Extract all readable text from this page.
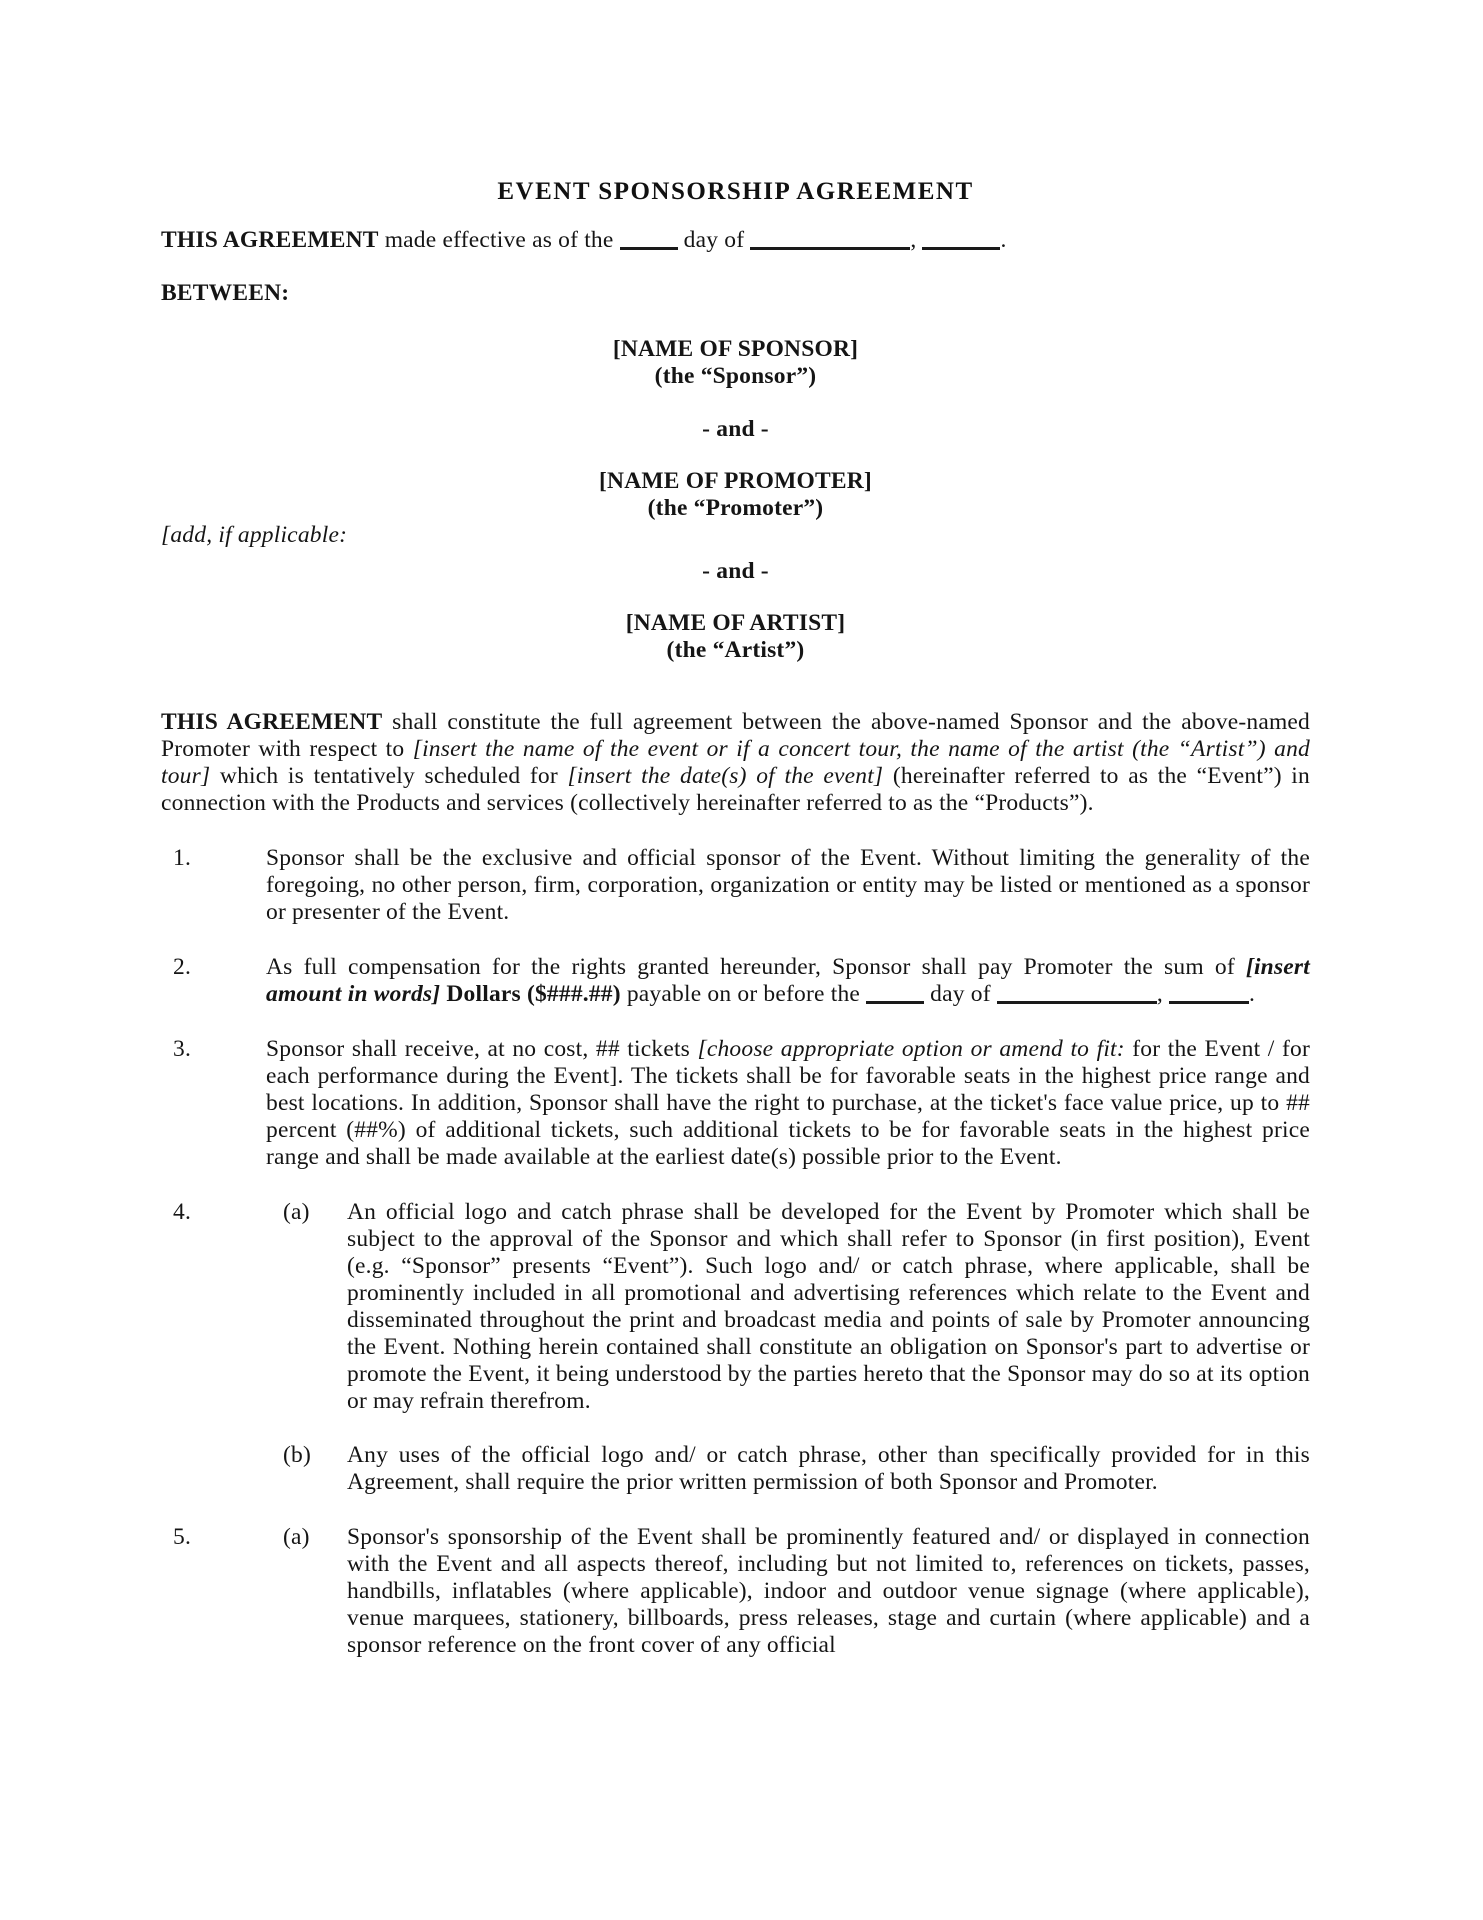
EVENT SPONSORSHIP AGREEMENT

THIS AGREEMENT made effective as of the  day of	,	.

BETWEEN:

[NAME OF SPONSOR]

(the “Sponsor”)

- and -

[NAME OF PROMOTER]

(the “Promoter”)

[add, if applicable:

- and -

[NAME OF ARTIST]

(the “Artist”)

THIS AGREEMENT shall constitute the full agreement between the above-named Sponsor and the above-named Promoter with respect to [insert the name of the event or if a concert tour, the name of the artist (the “Artist”) and tour] which is tentatively scheduled for [insert the date(s) of the event] (hereinafter referred to as the “Event”) in connection with the Products and services (collectively hereinafter referred to as the “Products”).

1.	Sponsor shall be the exclusive and official sponsor of the Event. Without limiting the generality of the foregoing, no other person, firm, corporation, organization or entity may be listed or mentioned as a sponsor or presenter of the Event.
2.	As full compensation for the rights granted hereunder, Sponsor shall pay Promoter the sum of [insert amount in words] Dollars ($###.##) payable on or before the  day of	,	.
3.	Sponsor shall receive, at no cost, ## tickets [choose appropriate option or amend to fit: for the Event / for each performance during the Event]. The tickets shall be for favorable seats in the highest price range and best locations. In addition, Sponsor shall have the right to purchase, at the ticket's face value price, up to ## percent (##%) of additional tickets, such additional tickets to be for favorable seats in the highest price range and shall be made available at the earliest date(s) possible prior to the Event.
4.	(a)	An official logo and catch phrase shall be developed for the Event by Promoter which shall be subject to the approval of the Sponsor and which shall refer to Sponsor (in first position), Event (e.g. “Sponsor” presents “Event”). Such logo and/ or catch phrase, where applicable, shall be prominently included in all promotional and advertising references which relate to the Event and disseminated throughout the print and broadcast media and points of sale by Promoter announcing the Event. Nothing herein contained shall constitute an obligation on Sponsor's part to advertise or promote the Event, it being understood by the parties hereto that the Sponsor may do so at its option or may refrain therefrom.
(b)	Any uses of the official logo and/ or catch phrase, other than specifically provided for in this Agreement, shall require the prior written permission of both Sponsor and Promoter.
5.	(a)	Sponsor's sponsorship of the Event shall be prominently featured and/ or displayed in connection with the Event and all aspects thereof, including but not limited to, references on tickets, passes, handbills, inflatables (where applicable), indoor and outdoor venue signage (where applicable), venue marquees, stationery, billboards, press releases, stage and curtain (where applicable) and a sponsor reference on the front cover of any official
